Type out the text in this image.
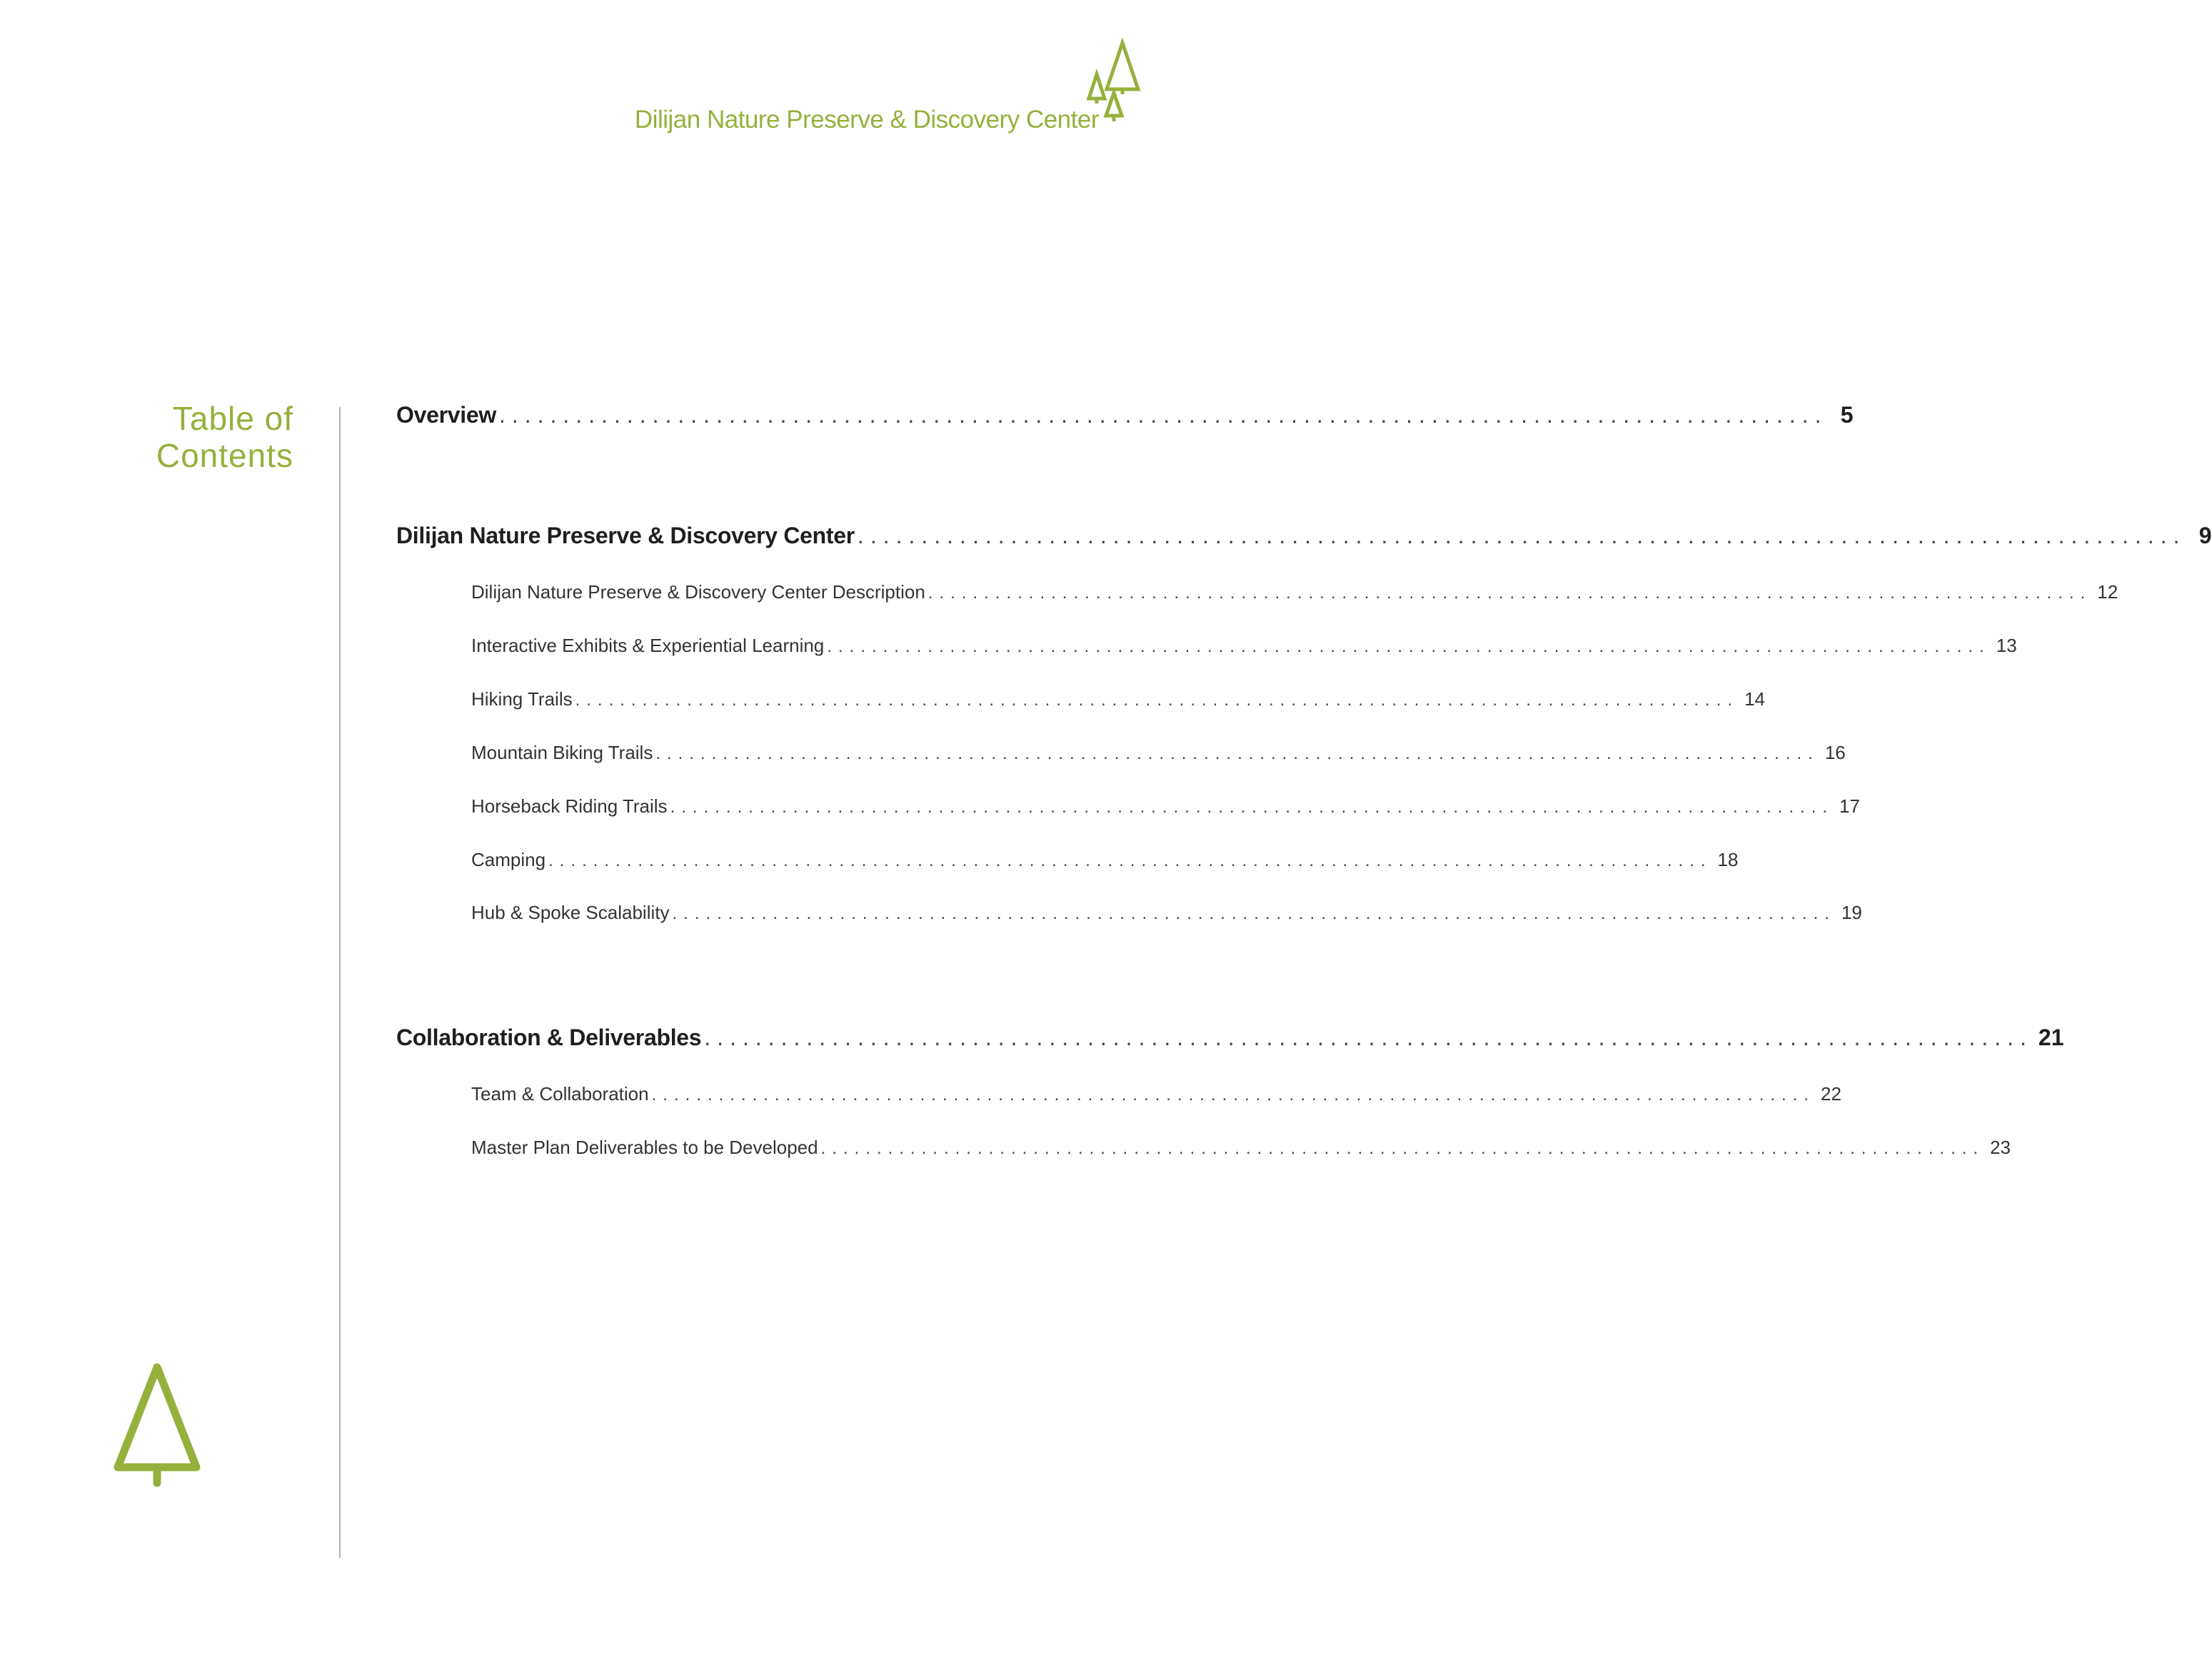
Dilijan Nature Preserve & Discovery Center
Table of
Contents
Overview ........................................................................................................ 5
Dilijan Nature Preserve & Discovery Center ........................................................................................................ 9
Dilijan Nature Preserve & Discovery Center Description ........................................................................................................ 12
Interactive Exhibits & Experiential Learning ........................................................................................................ 13
Hiking Trails ........................................................................................................ 14
Mountain Biking Trails ........................................................................................................ 16
Horseback Riding Trails ........................................................................................................ 17
Camping ........................................................................................................ 18
Hub & Spoke Scalability ........................................................................................................ 19
Collaboration & Deliverables ........................................................................................................ 21
Team & Collaboration ........................................................................................................ 22
Master Plan Deliverables to be Developed ........................................................................................................ 23
